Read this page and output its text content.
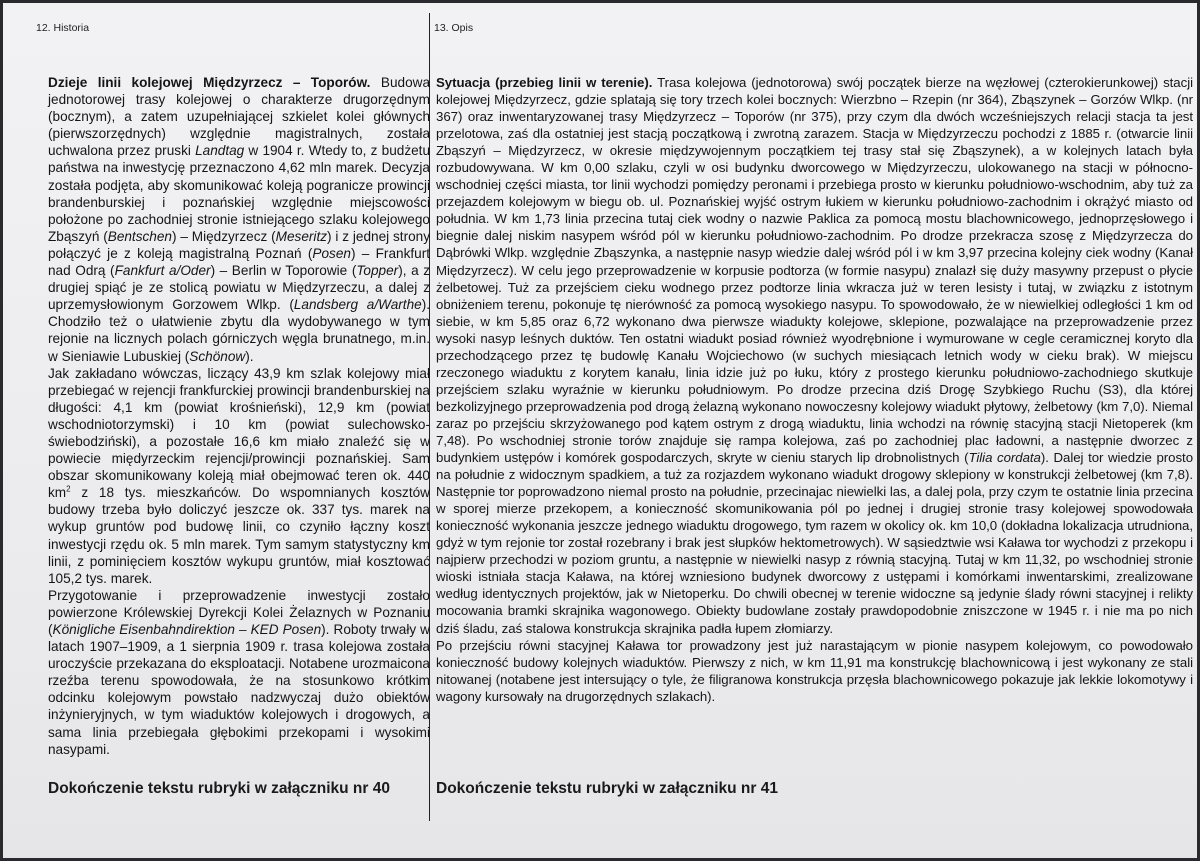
12. Historia	13. Opis

Dzieje linii kolejowej Międzyrzecz – Toporów. Budowa jednotorowej trasy kolejowej o charakterze drugorzędnym (bocznym), a zatem uzupełniającej szkielet kolei głównych (pierwszorzędnych) względnie magistralnych, została uchwalona przez pruski Landtag w 1904 r. Wtedy to, z budżetu państwa na inwestycję przeznaczono 4,62 mln marek. Decyzja została podjęta, aby skomunikować koleją pogranicze prowincji brandenburskiej i poznańskiej względnie miejscowości położone po zachodniej stronie istniejącego szlaku kolejowego Zbąszyń (Bentschen) – Międzyrzecz (Meseritz) i z jednej strony połączyć je z koleją magistralną Poznań (Posen) – Frankfurt nad Odrą (Fankfurt a/Oder) – Berlin w Toporowie (Topper), a z drugiej spiąć je ze stolicą powiatu w Międzyrzeczu, a dalej z uprzemysłowionym Gorzowem Wlkp. (Landsberg a/Warthe). Chodziło też o ułatwienie zbytu dla wydobywanego w tym rejonie na licznych polach górniczych węgla brunatnego, m.in. w Sieniawie Lubuskiej (Schönow).

Jak zakładano wówczas, liczący 43,9 km szlak kolejowy miał przebiegać w rejencji frankfurckiej prowincji brandenburskiej na długości: 4,1 km (powiat krośnieński), 12,9 km (powiat wschodniotorzymski) i 10 km (powiat sulechowsko-świebodziński), a pozostałe 16,6 km miało znaleźć się w powiecie międyrzeckim rejencji/prowincji poznańskiej. Sam obszar skomunikowany koleją miał obejmować teren ok. 440 $km^2$ z 18 tys. mieszkańców. Do wspomnianych kosztów budowy trzeba było doliczyć jeszcze ok. 337 tys. marek na wykup gruntów pod budowę linii, co czyniło łączny koszt inwestycji rzędu ok. 5 mln marek. Tym samym statystyczny km linii, z pominięciem kosztów wykupu gruntów, miał kosztować 105,2 tys. marek.

Przygotowanie i przeprowadzenie inwestycji zostało powierzone Królewskiej Dyrekcji Kolei Żelaznych w Poznaniu (Königliche Eisenbahndirektion – KED Posen). Roboty trwały w latach 1907–1909, a 1 sierpnia 1909 r. trasa kolejowa została uroczyście przekazana do eksploatacji. Notabene urozmaicona rzeźba terenu spowodowała, że na stosunkowo krótkim odcinku kolejowym powstało nadzwyczaj dużo obiektów inżynieryjnych, w tym wiaduktów kolejowych i drogowych, a sama linia przebiegała głębokimi przekopami i wysokimi nasypami.

Sytuacja (przebieg linii w terenie). Trasa kolejowa (jednotorowa) swój początek bierze na węzłowej (czterokierunkowej) stacji kolejowej Międzyrzecz, gdzie splatają się tory trzech kolei bocznych: Wierzbno – Rzepin (nr 364), Zbąszynek – Gorzów Wlkp. (nr 367) oraz inwentaryzowanej trasy Międzyrzecz – Toporów (nr 375), przy czym dla dwóch wcześniejszych relacji stacja ta jest przelotowa, zaś dla ostatniej jest stacją początkową i zwrotną zarazem. Stacja w Międzyrzeczu pochodzi z 1885 r. (otwarcie linii Zbąszyń – Międzyrzecz, w okresie międzywojennym początkiem tej trasy stał się Zbąszynek), a w kolejnych latach była rozbudowywana. W km 0,00 szlaku, czyli w osi budynku dworcowego w Międzyrzeczu, ulokowanego na stacji w północno-wschodniej części miasta, tor linii wychodzi pomiędzy peronami i przebiega prosto w kierunku południowo-wschodnim, aby tuż za przejazdem kolejowym w biegu ob. ul. Poznańskiej wyjść ostrym łukiem w kierunku południowo-zachodnim i okrążyć miasto od południa. W km 1,73 linia przecina tutaj ciek wodny o nazwie Paklica za pomocą mostu blachownicowego, jednoprzęsłowego i biegnie dalej niskim nasypem wśród pól w kierunku południowo-zachodnim. Po drodze przekracza szosę z Międzyrzecza do Dąbrówki Wlkp. względnie Zbąszynka, a następnie nasyp wiedzie dalej wśród pól i w km 3,97 przecina kolejny ciek wodny (Kanał Międzyrzecz). W celu jego przeprowadzenie w korpusie podtorza (w formie nasypu) znalazł się duży masywny przepust o płycie żelbetowej. Tuż za przejściem cieku wodnego przez podtorze linia wkracza już w teren lesisty i tutaj, w związku z istotnym obniżeniem terenu, pokonuje tę nierówność za pomocą wysokiego nasypu. To spowodowało, że w niewielkiej odległości 1 km od siebie, w km 5,85 oraz 6,72 wykonano dwa pierwsze wiadukty kolejowe, sklepione, pozwalające na przeprowadzenie przez wysoki nasyp leśnych duktów. Ten ostatni wiadukt posiad również wyodrębnione i wymurowane w cegle ceramicznej koryto dla przechodzącego przez tę budowlę Kanału Wojciechowo (w suchych miesiącach letnich wody w cieku brak). W miejscu rzeczonego wiaduktu z korytem kanału, linia idzie już po łuku, który z prostego kierunku południowo-zachodniego skutkuje przejściem szlaku wyraźnie w kierunku południowym. Po drodze przecina dziś Drogę Szybkiego Ruchu (S3), dla której bezkolizyjnego przeprowadzenia pod drogą żelazną wykonano nowoczesny kolejowy wiadukt płytowy, żelbetowy (km 7,0). Niemal zaraz po przejściu skrzyżowanego pod kątem ostrym z drogą wiaduktu, linia wchodzi na równię stacyjną stacji Nietoperek (km 7,48). Po wschodniej stronie torów znajduje się rampa kolejowa, zaś po zachodniej plac ładowni, a następnie dworzec z budynkiem ustępów i komórek gospodarczych, skryte w cieniu starych lip drobnolistnych (Tilia cordata). Dalej tor wiedzie prosto na południe z widocznym spadkiem, a tuż za rozjazdem wykonano wiadukt drogowy sklepiony w konstrukcji żelbetowej (km 7,8). Następnie tor poprowadzono niemal prosto na południe, przecinajac niewielki las, a dalej pola, przy czym te ostatnie linia przecina w sporej mierze przekopem, a konieczność skomunikowania pól po jednej i drugiej stronie trasy kolejowej spowodowała konieczność wykonania jeszcze jednego wiaduktu drogowego, tym razem w okolicy ok. km 10,0 (dokładna lokalizacja utrudniona, gdyż w tym rejonie tor został rozebrany i brak jest słupków hektometrowych). W sąsiedztwie wsi Kaława tor wychodzi z przekopu i najpierw przechodzi w poziom gruntu, a następnie w niewielki nasyp z równią stacyjną. Tutaj w km 11,32, po wschodniej stronie wioski istniała stacja Kaława, na której wzniesiono budynek dworcowy z ustępami i komórkami inwentarskimi, zrealizowane według identycznych projektów, jak w Nietoperku. Do chwili obecnej w terenie widoczne są jedynie ślady równi stacyjnej i relikty mocowania bramki skrajnika wagonowego. Obiekty budowlane zostały prawdopodobnie zniszczone w 1945 r. i nie ma po nich dziś śladu, zaś stalowa konstrukcja skrajnika padła łupem złomiarzy.

Po przejściu równi stacyjnej Kaława tor prowadzony jest już narastającym w pionie nasypem kolejowym, co powodowało konieczność budowy kolejnych wiaduktów. Pierwszy z nich, w km 11,91 ma konstrukcję blachownicową i jest wykonany ze stali nitowanej (notabene jest intersujący o tyle, że filigranowa konstrukcja przęsła blachownicowego pokazuje jak lekkie lokomotywy i wagony kursowały na drugorzędnych szlakach).

Dokończenie tekstu rubryki w załączniku nr 40	Dokończenie tekstu rubryki w załączniku nr 41
